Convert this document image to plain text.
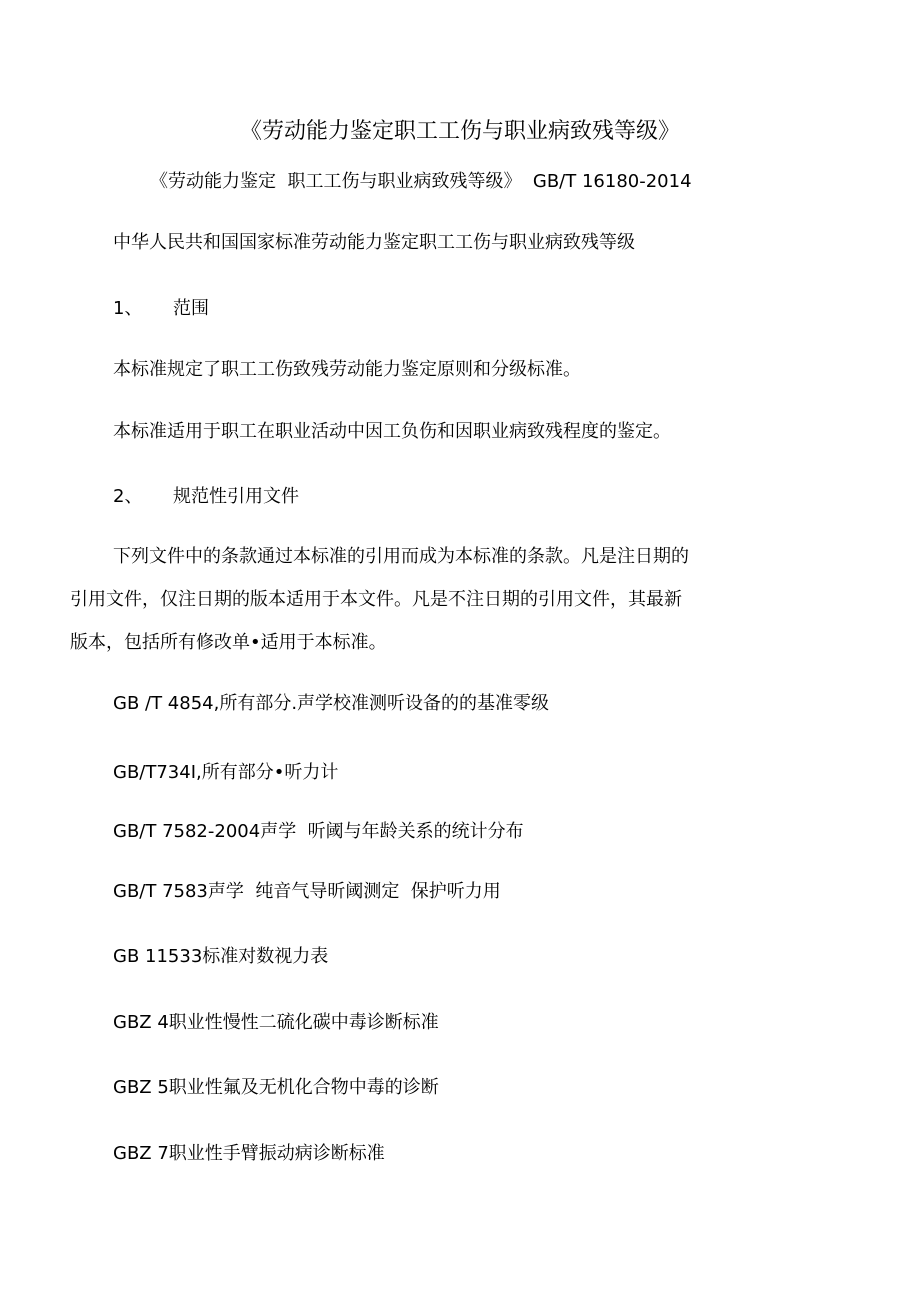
《劳动能力鉴定职工工伤与职业病致残等级》
《劳动能力鉴定  职工工伤与职业病致残等级》  GB/T 16180-2014
中华人民共和国国家标准劳动能力鉴定职工工伤与职业病致残等级
1、 范围
本标准规定了职工工伤致残劳动能力鉴定原则和分级标准。
本标准适用于职工在职业活动中因工负伤和因职业病致残程度的鉴定。
2、 规范性引用文件
下列文件中的条款通过本标准的引用而成为本标准的条款。凡是注日期的
引用文件，仅注日期的版本适用于本文件。凡是不注日期的引用文件，其最新
版本，包括所有修改单•适用于本标准。
GB /T 4854,所有部分.声学校准测听设备的的基准零级
GB/T734I,所有部分•听力计
GB/T 7582-2004声学  听阈与年龄关系的统计分布
GB/T 7583声学  纯音气导昕阈测定  保护听力用
GB 11533标准对数视力表
GBZ 4职业性慢性二硫化碳中毒诊断标准
GBZ 5职业性氟及无机化合物中毒的诊断
GBZ 7职业性手臂振动病诊断标准
